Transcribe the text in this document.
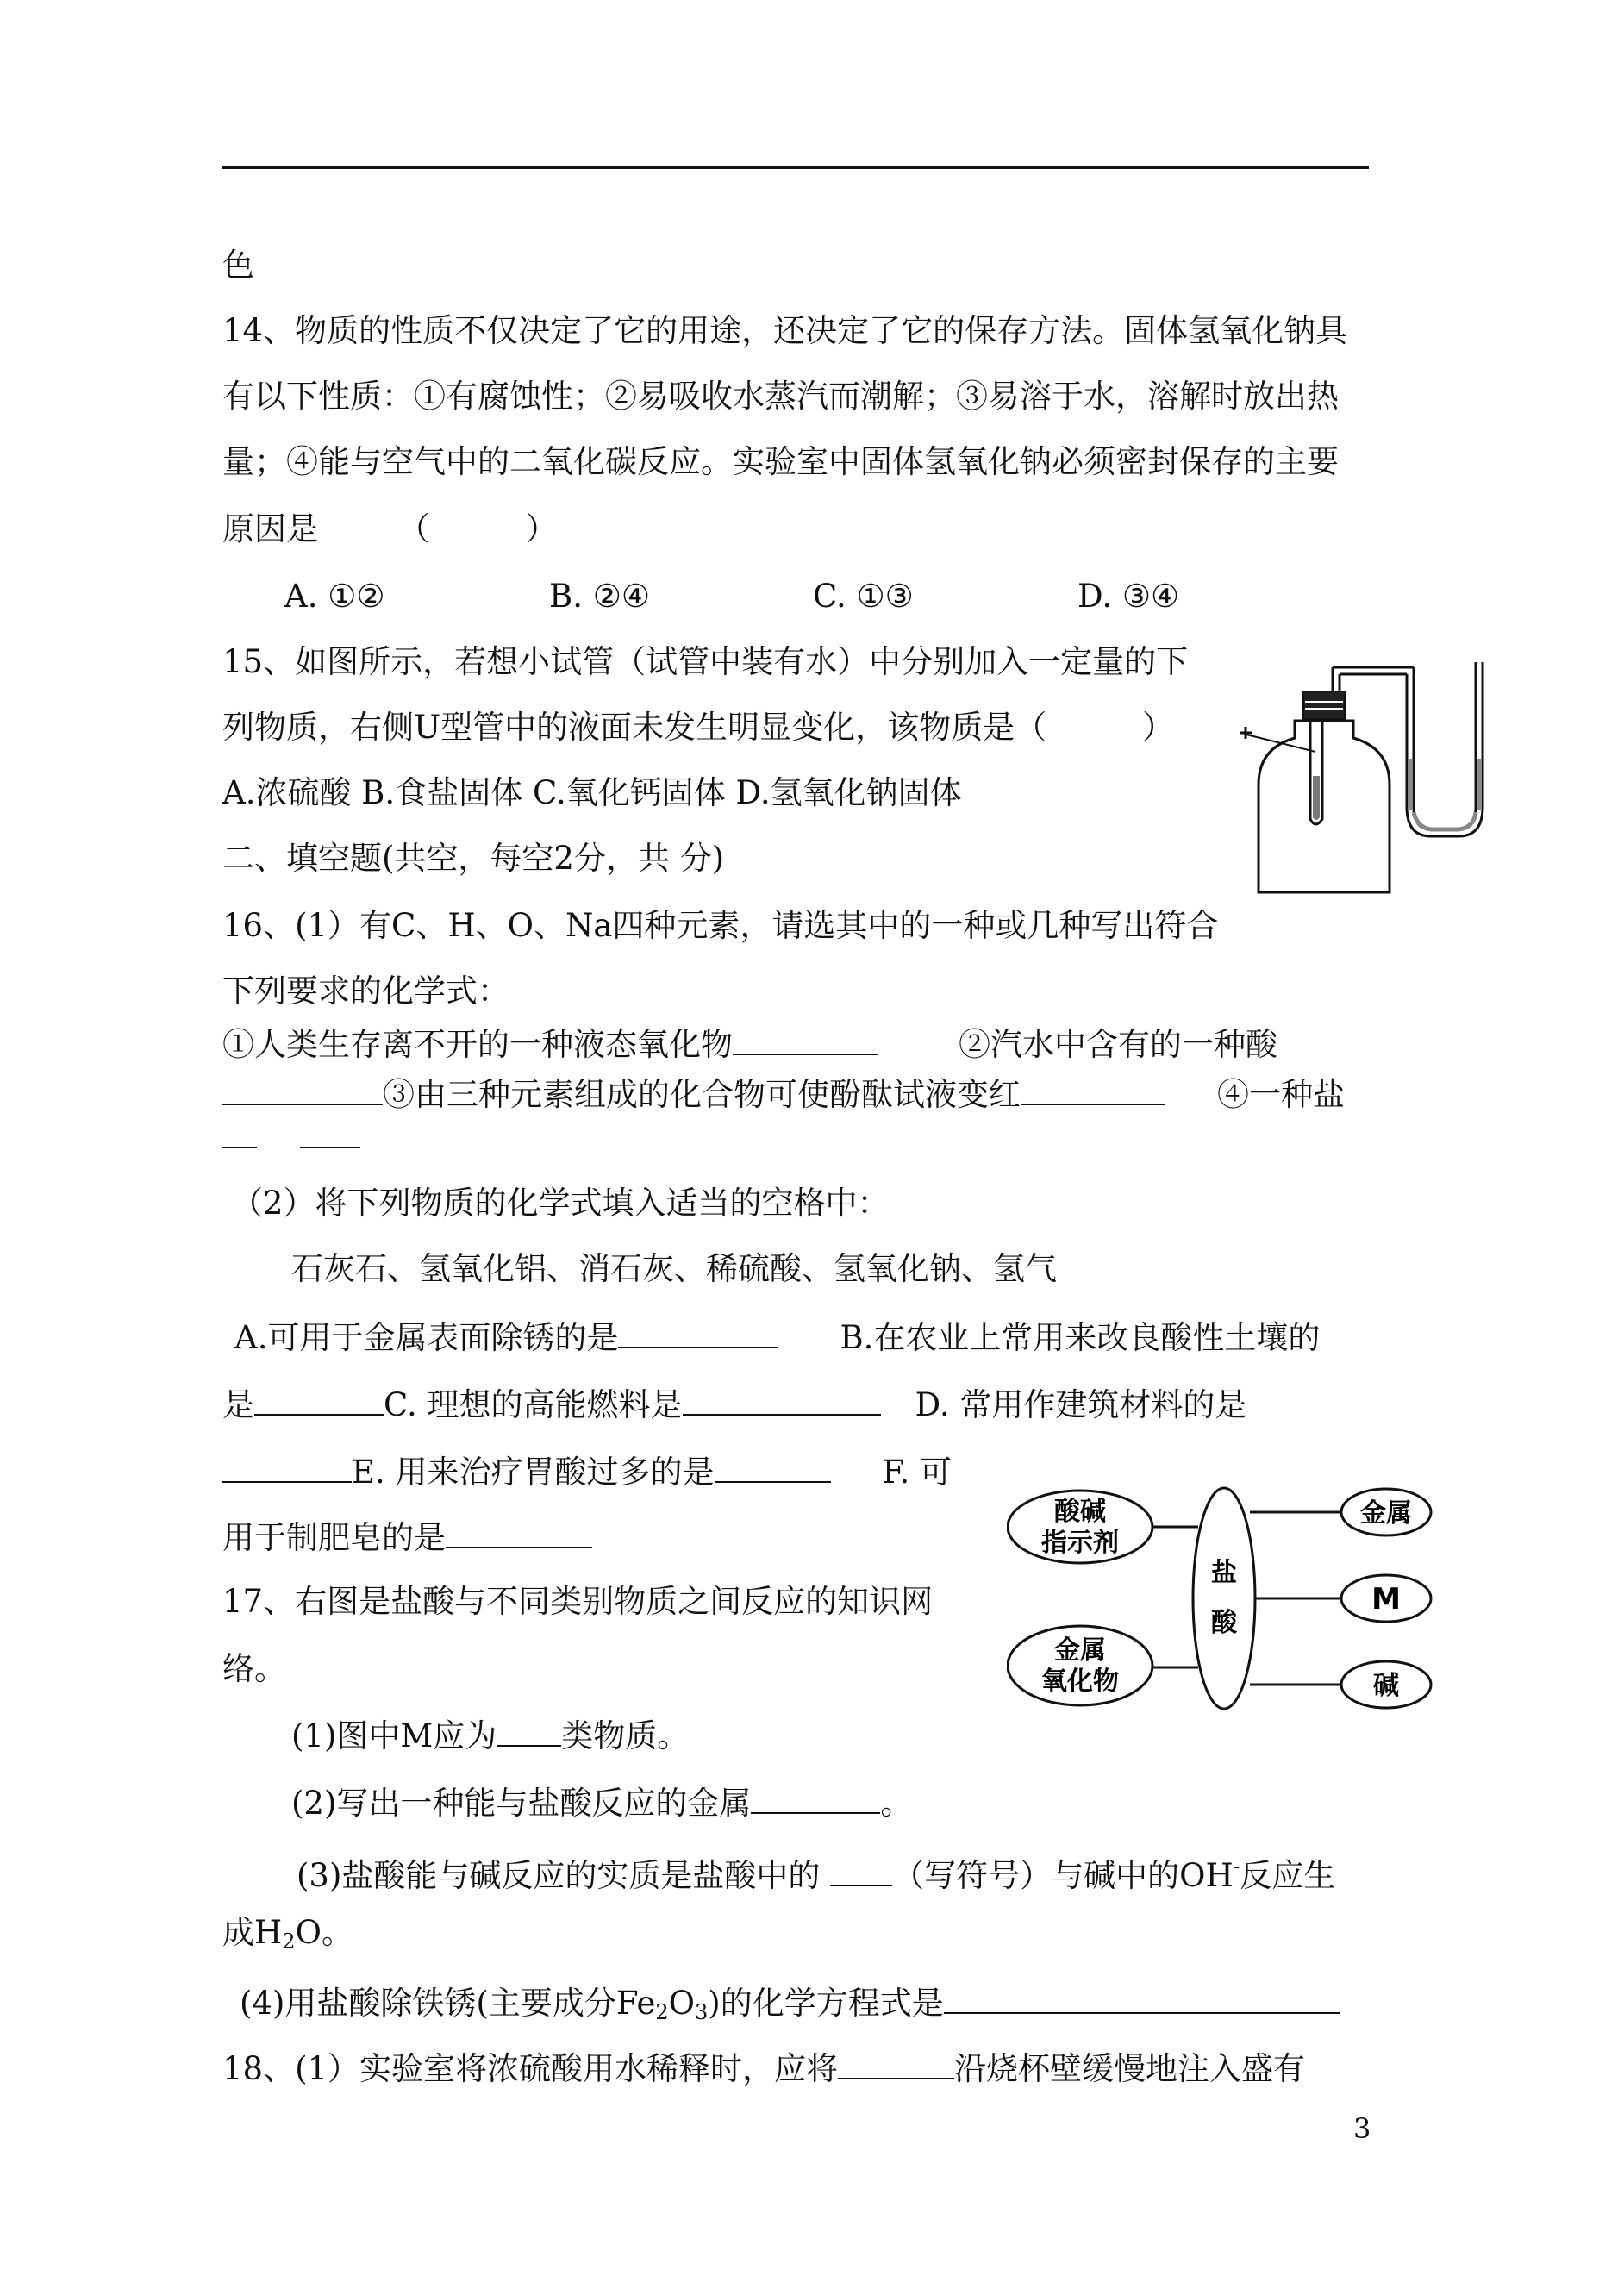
色
14、物质的性质不仅决定了它的用途，还决定了它的保存方法。固体氢氧化钠具
有以下性质：①有腐蚀性；②易吸收水蒸汽而潮解；③易溶于水，溶解时放出热
量；④能与空气中的二氧化碳反应。实验室中固体氢氧化钠必须密封保存的主要
原因是　　　（　　　）
A. ①②	B. ②④	C. ①③	D. ③④
15、如图所示，若想小试管（试管中装有水）中分别加入一定量的下
列物质，右侧U型管中的液面未发生明显变化，该物质是（　　　）
A.浓硫酸 B.食盐固体 C.氧化钙固体 D.氢氧化钠固体
二、填空题(共空，每空2分，共 分)
16、(1）有C、H、O、Na四种元素，请选其中的一种或几种写出符合
下列要求的化学式：
①人类生存离不开的一种液态氧化物	②汽水中含有的一种酸
③由三种元素组成的化合物可使酚酞试液变红	④一种盐
（2）将下列物质的化学式填入适当的空格中：
石灰石、氢氧化铝、消石灰、稀硫酸、氢氧化钠、氢气
A.可用于金属表面除锈的是	B.在农业上常用来改良酸性土壤的
是	C. 理想的高能燃料是	D. 常用作建筑材料的是
E. 用来治疗胃酸过多的是	F. 可
用于制肥皂的是
酸碱
指示剂
金属
氧化物
盐
酸
金属
M
碱
17、右图是盐酸与不同类别物质之间反应的知识网
络。
(1)图中M应为 类物质。
(2)写出一种能与盐酸反应的金属	。
(3)盐酸能与碱反应的实质是盐酸中的 （写符号）与碱中的OH-反应生
成$H_2O$。
(4)用盐酸除铁锈(主要成分$Fe_2O_3$)的化学方程式是
18、(1）实验室将浓硫酸用水稀释时，应将	沿烧杯壁缓慢地注入盛有
3
